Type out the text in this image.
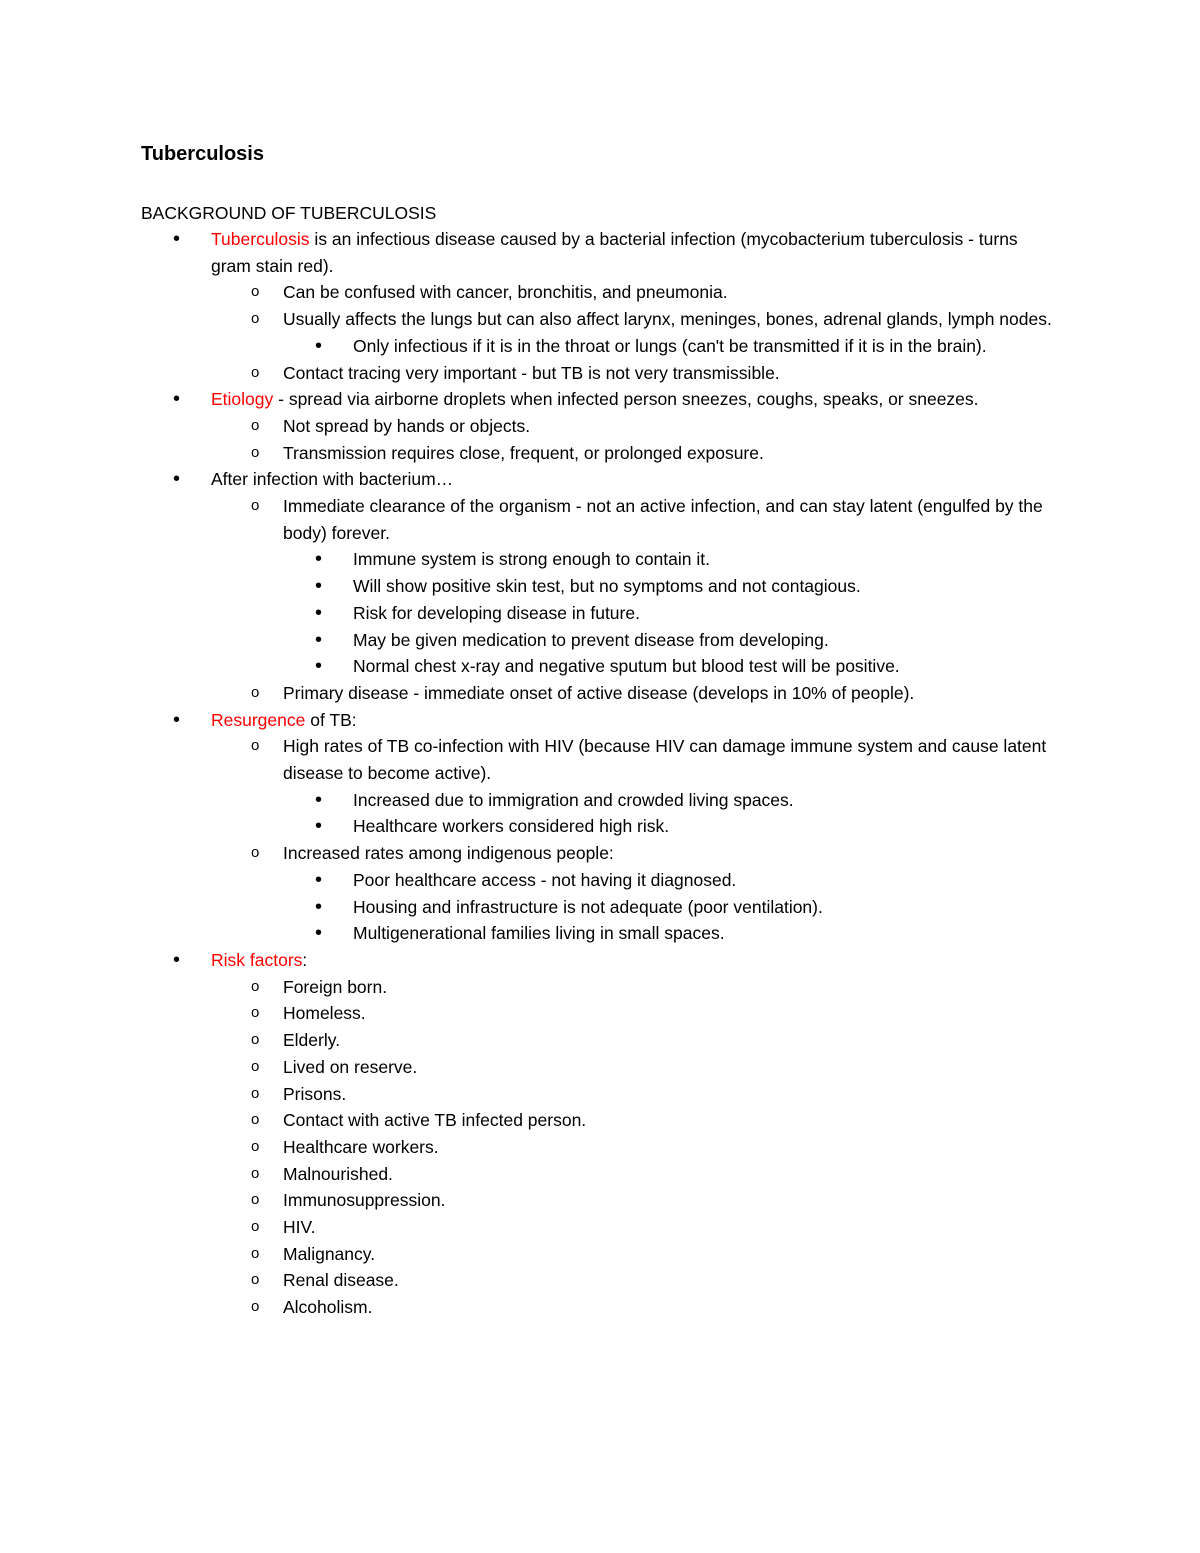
Tuberculosis
BACKGROUND OF TUBERCULOSIS
• Tuberculosis is an infectious disease caused by a bacterial infection (mycobacterium tuberculosis - turns gram stain red).
o Can be confused with cancer, bronchitis, and pneumonia.
o Usually affects the lungs but can also affect larynx, meninges, bones, adrenal glands, lymph nodes.
• Only infectious if it is in the throat or lungs (can't be transmitted if it is in the brain).
o Contact tracing very important - but TB is not very transmissible.
• Etiology - spread via airborne droplets when infected person sneezes, coughs, speaks, or sneezes.
o Not spread by hands or objects.
o Transmission requires close, frequent, or prolonged exposure.
• After infection with bacterium…
o Immediate clearance of the organism - not an active infection, and can stay latent (engulfed by the body) forever.
• Immune system is strong enough to contain it.
• Will show positive skin test, but no symptoms and not contagious.
• Risk for developing disease in future.
• May be given medication to prevent disease from developing.
• Normal chest x-ray and negative sputum but blood test will be positive.
o Primary disease - immediate onset of active disease (develops in 10% of people).
• Resurgence of TB:
o High rates of TB co-infection with HIV (because HIV can damage immune system and cause latent disease to become active).
• Increased due to immigration and crowded living spaces.
• Healthcare workers considered high risk.
o Increased rates among indigenous people:
• Poor healthcare access - not having it diagnosed.
• Housing and infrastructure is not adequate (poor ventilation).
• Multigenerational families living in small spaces.
• Risk factors:
o Foreign born.
o Homeless.
o Elderly.
o Lived on reserve.
o Prisons.
o Contact with active TB infected person.
o Healthcare workers.
o Malnourished.
o Immunosuppression.
o HIV.
o Malignancy.
o Renal disease.
o Alcoholism.
